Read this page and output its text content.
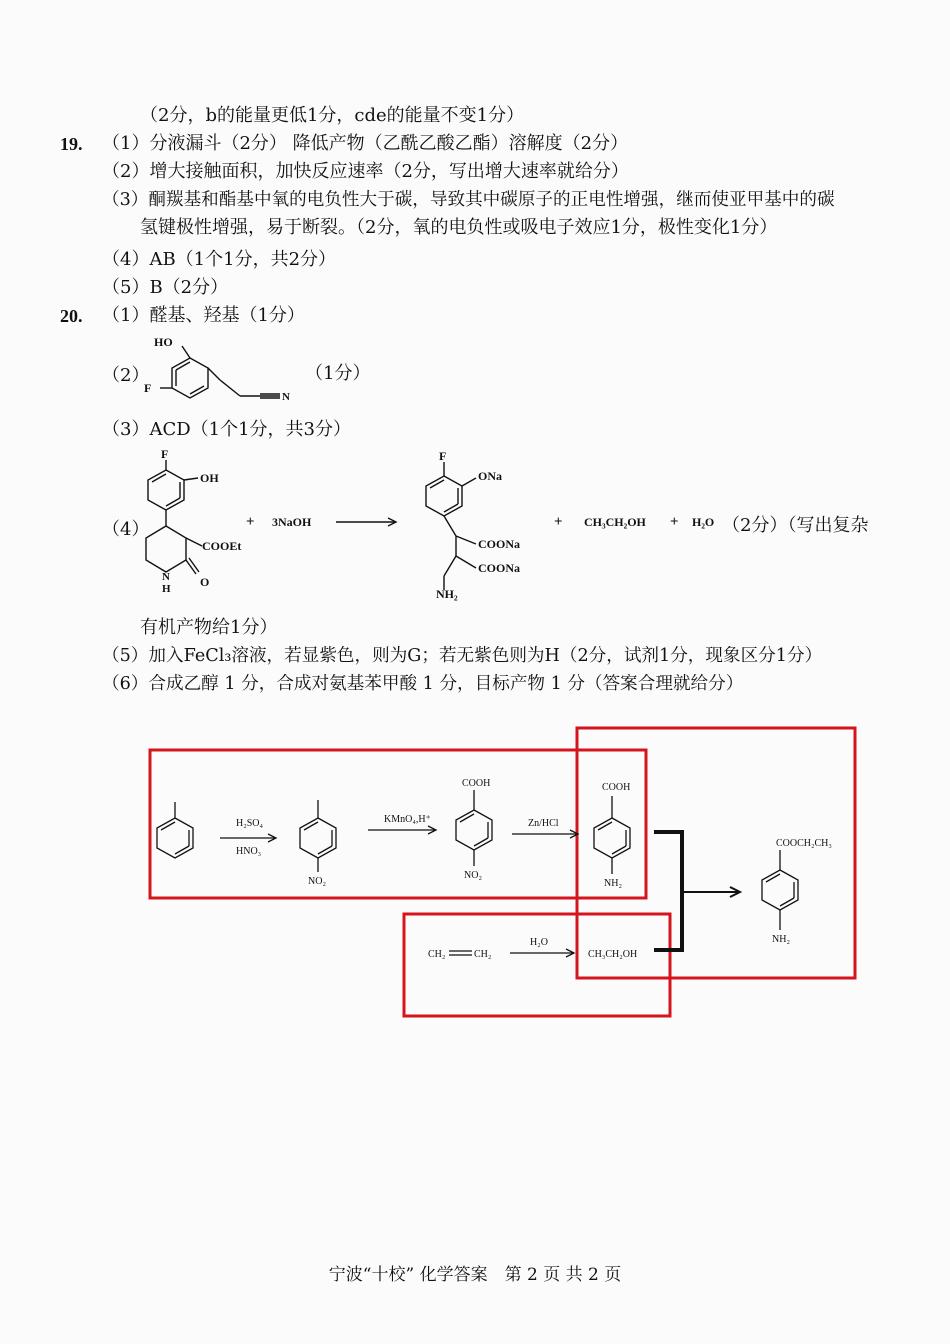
（2分，b的能量更低1分，cde的能量不变1分）
19. （1）分液漏斗（2分） 降低产物（乙酰乙酸乙酯）溶解度（2分）
（2）增大接触面积，加快反应速率（2分，写出增大速率就给分）
（3）酮羰基和酯基中氧的电负性大于碳，导致其中碳原子的正电性增强，继而使亚甲基中的碳
氢键极性增强，易于断裂。（2分，氧的电负性或吸电子效应1分，极性变化1分）
（4）AB（1个1分，共2分）
（5）B（2分）
20. （1）醛基、羟基（1分）
（2）
HO
F
N
（1分）
（3）ACD（1个1分，共3分）
（4）
F
OH
COOEt
O
N
H
+ 3NaOH
F
ONa
COONa
COONa
NH₂
+ CH₃CH₂OH + H₂O （2分）（写出复杂
有机产物给1分）
（5）加入FeCl₃溶液，若显紫色，则为G；若无紫色则为H（2分，试剂1分，现象区分1分）
（6）合成乙醇 1 分，合成对氨基苯甲酸 1 分，目标产物 1 分（答案合理就给分）
H₂SO₄
HNO₃
KMnO₄,H⁺	Zn/HCl
NO₂
COOH
NO₂
COOH
NH₂
CH₂	CH₂
H₂O
CH₃CH₂OH
COOCH₂CH₃
NH₂
宁波“十校” 化学答案　第 2 页 共 2 页
